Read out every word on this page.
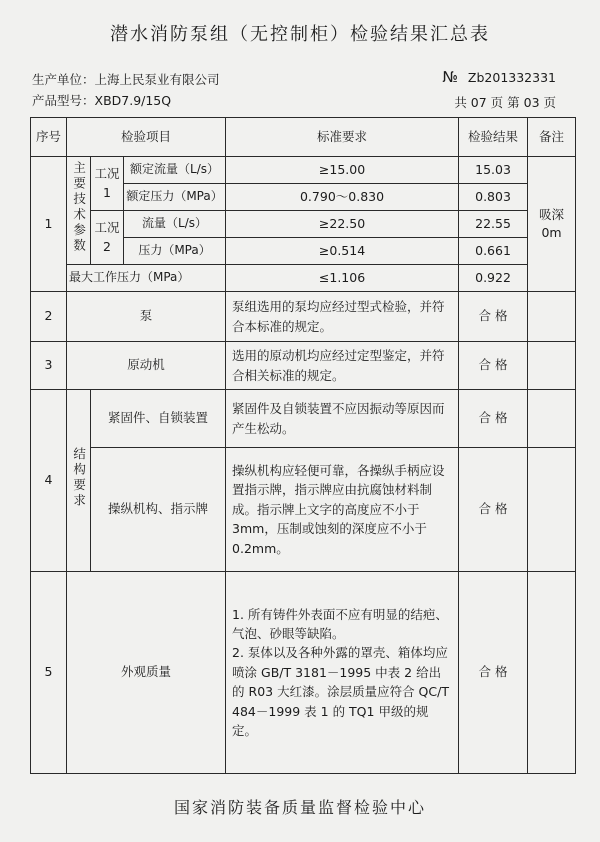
潜水消防泵组（无控制柜）检验结果汇总表
生产单位：上海上民泵业有限公司
产品型号：XBD7.9/15Q
№ Zb201332331
共 07 页 第 03 页
序号	检验项目			标准要求	检验结果	备注
1	主要技术参数	工况 1	额定流量（L/s）	≥15.00	15.03	吸深 0m
			额定压力（MPa）	0.790～0.830	0.803	
		工况 2	流量（L/s）	≥22.50	22.55	
			压力（MPa）	≥0.514	0.661	
	最大工作压力（MPa）			≤1.106	0.922	
2	泵			泵组选用的泵均应经过型式检验，并符合本标准的规定。	合 格	
3	原动机			选用的原动机均应经过定型鉴定，并符合相关标准的规定。	合 格	
4	结构要求	紧固件、自锁装置		紧固件及自锁装置不应因振动等原因而产生松动。	合 格	
		操纵机构、指示牌		操纵机构应轻便可靠，各操纵手柄应设置指示牌，指示牌应由抗腐蚀材料制成。指示牌上文字的高度应不小于 3mm，压制或蚀刻的深度应不小于 0.2mm。	合 格	
5	外观质量			1. 所有铸件外表面不应有明显的结疤、气泡、砂眼等缺陷。
2. 泵体以及各种外露的罩壳、箱体均应喷涂 GB/T 3181－1995 中表 2 给出的 R03 大红漆。涂层质量应符合 QC/T 484－1999 表 1 的 TQ1 甲级的规定。	合 格	
国家消防装备质量监督检验中心
